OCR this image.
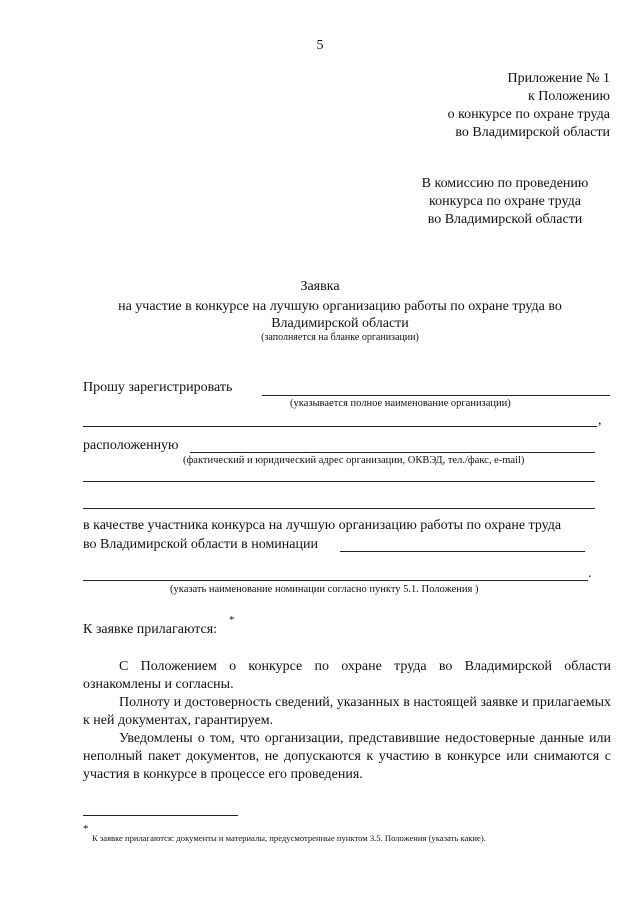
5
Приложение № 1
к Положению
о конкурсе по охране труда
во Владимирской области
В комиссию по проведению
конкурса по охране труда
во Владимирской области
Заявка
на участие в конкурсе на лучшую организацию работы по охране труда во
Владимирской области
(заполняется на бланке организации)
Прошу зарегистрировать
(указывается полное наименование организации)
,
расположенную
(фактический и юридический адрес организации, ОКВЭД, тел./факс, e-mail)
в качестве участника конкурса на лучшую организацию работы по охране труда
во Владимирской области в номинации
.
(указать наименование номинации согласно пункту 5.1. Положения )
К заявке прилагаются:
*
С Положением о конкурсе по охране труда во Владимирской области ознакомлены и согласны.
Полноту и достоверность сведений, указанных в настоящей заявке и прилагаемых к ней документах, гарантируем.
Уведомлены о том, что организации, представившие недостоверные данные или неполный пакет документов, не допускаются к участию в конкурсе или снимаются с участия в конкурсе в процессе его проведения.
*
К заявке прилагаются: документы и материалы, предусмотренные пунктом 3.5. Положения (указать какие).
